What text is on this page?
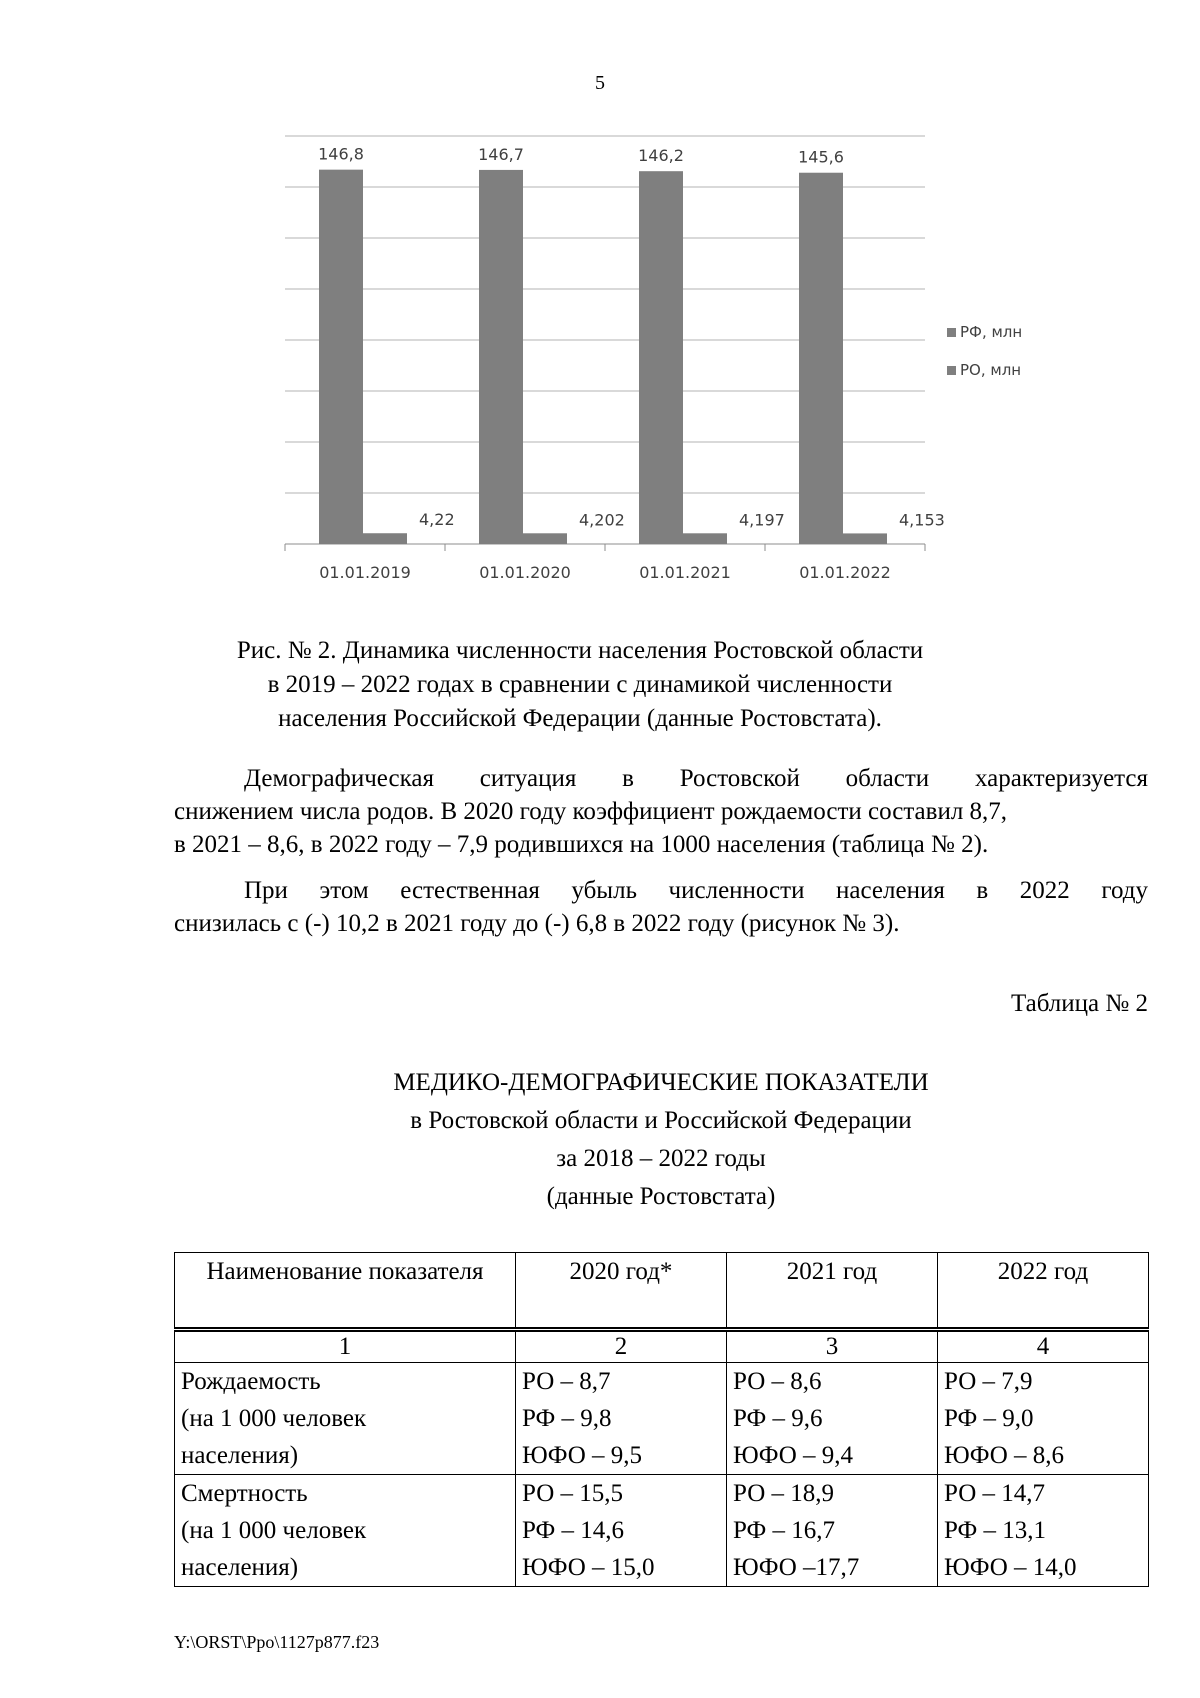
5
146,8
4,22
01.01.2019
146,7
4,202
01.01.2020
146,2
4,197
01.01.2021
145,6
4,153
01.01.2022
РФ, млн
РО, млн
Рис. № 2. Динамика численности населения Ростовской области
в 2019 – 2022 годах в сравнении с динамикой численности
населения Российской Федерации (данные Ростовстата).
Демографическая ситуация в Ростовской области характеризуется
снижением числа родов. В 2020 году коэффициент рождаемости составил 8,7,
в 2021 – 8,6, в 2022 году – 7,9 родившихся на 1000 населения (таблица № 2).
При этом естественная убыль численности населения в 2022 году
снизилась с (-) 10,2 в 2021 году до (-) 6,8 в 2022 году (рисунок № 3).
Таблица № 2
МЕДИКО-ДЕМОГРАФИЧЕСКИЕ ПОКАЗАТЕЛИ
в Ростовской области и Российской Федерации
за 2018 – 2022 годы
(данные Ростовстата)
Наименование показателя	2020 год*	2021 год	2022 год
1	2	3	4

Рождаемость
(на 1 000 человек
населения)	РО – 8,7
РФ – 9,8
ЮФО – 9,5	РО – 8,6
РФ – 9,6
ЮФО – 9,4	РО – 7,9
РФ – 9,0
ЮФО – 8,6

Смертность
(на 1 000 человек
населения)	РО – 15,5
РФ – 14,6
ЮФО – 15,0	РО – 18,9
РФ – 16,7
ЮФО –17,7	РО – 14,7
РФ – 13,1
ЮФО – 14,0
Y:\ORST\Ppo\1127p877.f23
